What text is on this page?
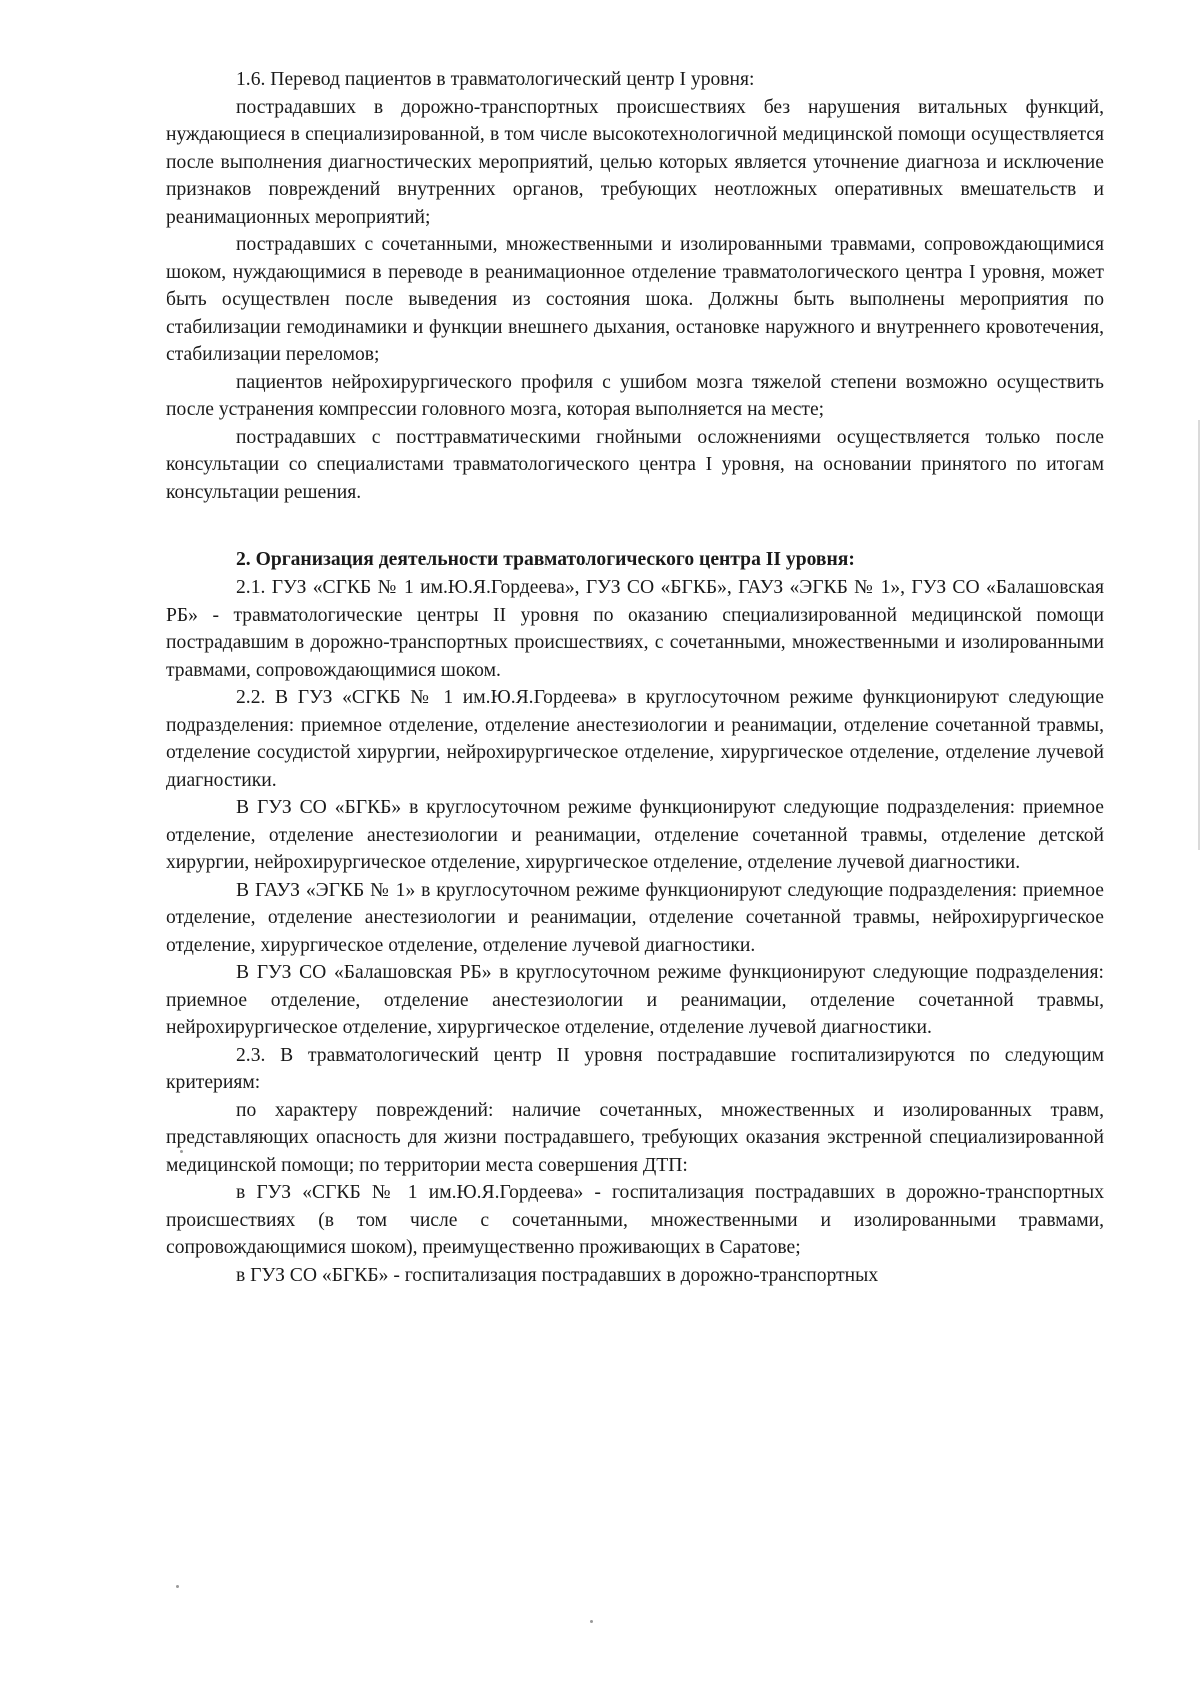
1.6. Перевод пациентов в травматологический центр I уровня:

пострадавших в дорожно-транспортных происшествиях без нарушения витальных функций, нуждающиеся в специализированной, в том числе высокотехнологичной медицинской помощи осуществляется после выполнения диагностических мероприятий, целью которых является уточнение диагноза и исключение признаков повреждений внутренних органов, требующих неотложных оперативных вмешательств и реанимационных мероприятий;

пострадавших с сочетанными, множественными и изолированными травмами, сопровождающимися шоком, нуждающимися в переводе в реанимационное отделение травматологического центра I уровня, может быть осуществлен после выведения из состояния шока. Должны быть выполнены мероприятия по стабилизации гемодинамики и функции внешнего дыхания, остановке наружного и внутреннего кровотечения, стабилизации переломов;

пациентов нейрохирургического профиля с ушибом мозга тяжелой степени возможно осуществить после устранения компрессии головного мозга, которая выполняется на месте;

пострадавших с посттравматическими гнойными осложнениями осуществляется только после консультации со специалистами травматологического центра I уровня, на основании принятого по итогам консультации решения.

2. Организация деятельности травматологического центра II уровня:

2.1. ГУЗ «СГКБ № 1 им.Ю.Я.Гордеева», ГУЗ СО «БГКБ», ГАУЗ «ЭГКБ № 1», ГУЗ СО «Балашовская РБ» - травматологические центры II уровня по оказанию специализированной медицинской помощи пострадавшим в дорожно-транспортных происшествиях, с сочетанными, множественными и изолированными травмами, сопровождающимися шоком.

2.2. В ГУЗ «СГКБ № 1 им.Ю.Я.Гордеева» в круглосуточном режиме функционируют следующие подразделения: приемное отделение, отделение анестезиологии и реанимации, отделение сочетанной травмы, отделение сосудистой хирургии, нейрохирургическое отделение, хирургическое отделение, отделение лучевой диагностики.

В ГУЗ СО «БГКБ» в круглосуточном режиме функционируют следующие подразделения: приемное отделение, отделение анестезиологии и реанимации, отделение сочетанной травмы, отделение детской хирургии, нейрохирургическое отделение, хирургическое отделение, отделение лучевой диагностики.

В ГАУЗ «ЭГКБ № 1» в круглосуточном режиме функционируют следующие подразделения: приемное отделение, отделение анестезиологии и реанимации, отделение сочетанной травмы, нейрохирургическое отделение, хирургическое отделение, отделение лучевой диагностики.

В ГУЗ СО «Балашовская РБ» в круглосуточном режиме функционируют следующие подразделения: приемное отделение, отделение анестезиологии и реанимации, отделение сочетанной травмы, нейрохирургическое отделение, хирургическое отделение, отделение лучевой диагностики.

2.3. В травматологический центр II уровня пострадавшие госпитализируются по следующим критериям:

по характеру повреждений: наличие сочетанных, множественных и изолированных травм, представляющих опасность для жизни пострадавшего, требующих оказания экстренной специализированной медицинской помощи; по территории места совершения ДТП:

в ГУЗ «СГКБ № 1 им.Ю.Я.Гордеева» - госпитализация пострадавших в дорожно-транспортных происшествиях (в том числе с сочетанными, множественными и изолированными травмами, сопровождающимися шоком), преимущественно проживающих в Саратове;

в ГУЗ СО «БГКБ» - госпитализация пострадавших в дорожно-транспортных
